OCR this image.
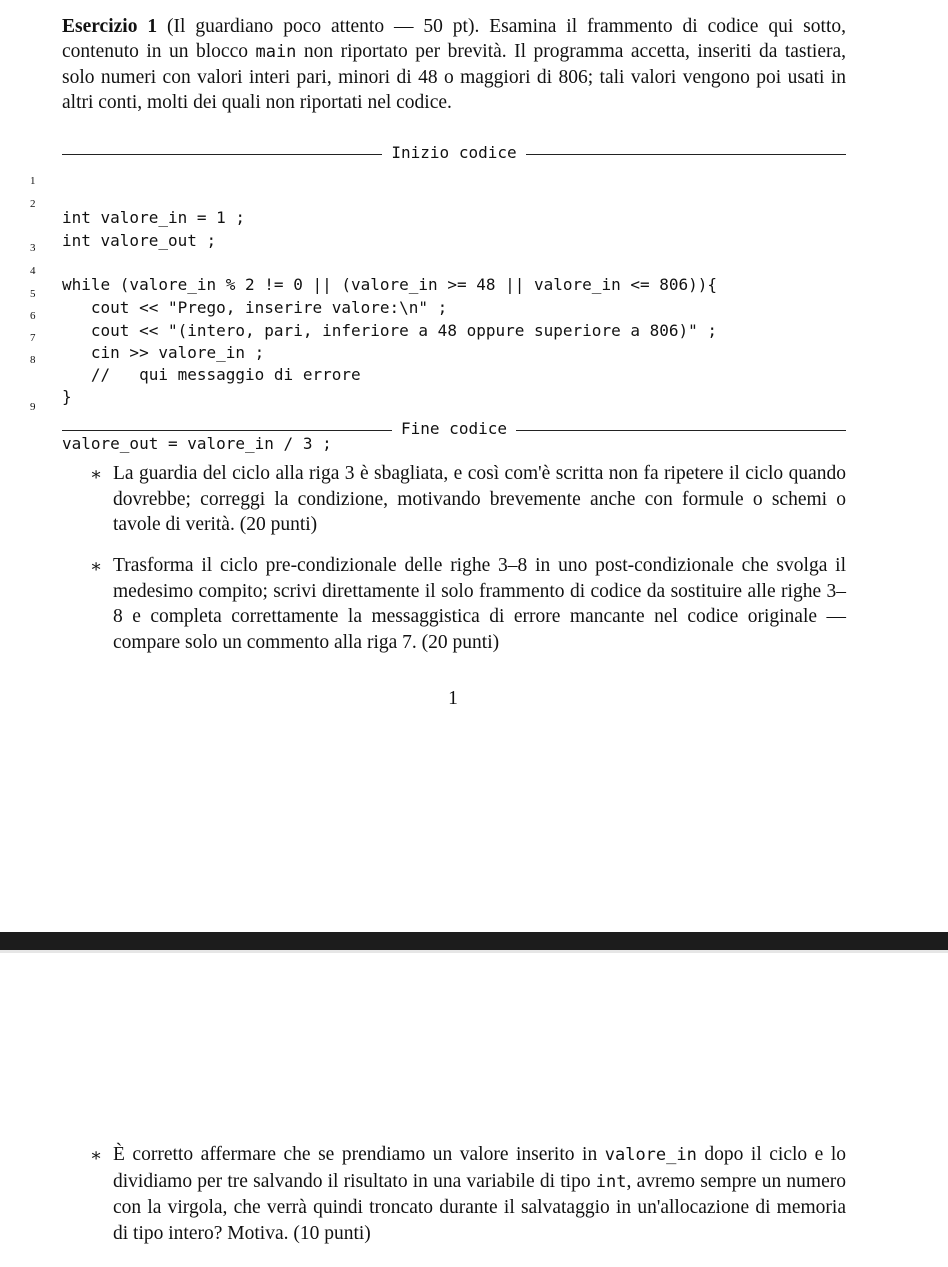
Esercizio 1 (Il guardiano poco attento — 50 pt). Esamina il frammento di codice qui sotto, contenuto in un blocco main non riportato per brevità. Il programma accetta, inseriti da tastiera, solo numeri con valori interi pari, minori di 48 o maggiori di 806; tali valori vengono poi usati in altri conti, molti dei quali non riportati nel codice.
Inizio codice

1

int valore_in = 1 ;

2

int valore_out ;

3

while (valore_in % 2 != 0 || (valore_in >= 48 || valore_in <= 806)){

4

cout << "Prego, inserire valore:\n" ;

5

cout << "(intero, pari, inferiore a 48 oppure superiore a 806)" ;

6

cin >> valore_in ;

7

//   qui messaggio di errore

8

}

9

valore_out = valore_in / 3 ;

Fine codice
∗ La guardia del ciclo alla riga 3 è sbagliata, e così com'è scritta non fa ripetere il ciclo quando dovrebbe; correggi la condizione, motivando brevemente anche con formule o schemi o tavole di verità. (20 punti)
∗ Trasforma il ciclo pre-condizionale delle righe 3–8 in uno post-condizionale che svolga il medesimo compito; scrivi direttamente il solo frammento di codice da sostituire alle righe 3–8 e completa correttamente la messaggistica di errore mancante nel codice originale — compare solo un commento alla riga 7. (20 punti)
1
∗ È corretto affermare che se prendiamo un valore inserito in valore_in dopo il ciclo e lo dividiamo per tre salvando il risultato in una variabile di tipo int, avremo sempre un numero con la virgola, che verrà quindi troncato durante il salvataggio in un'allocazione di memoria di tipo intero? Motiva. (10 punti)
